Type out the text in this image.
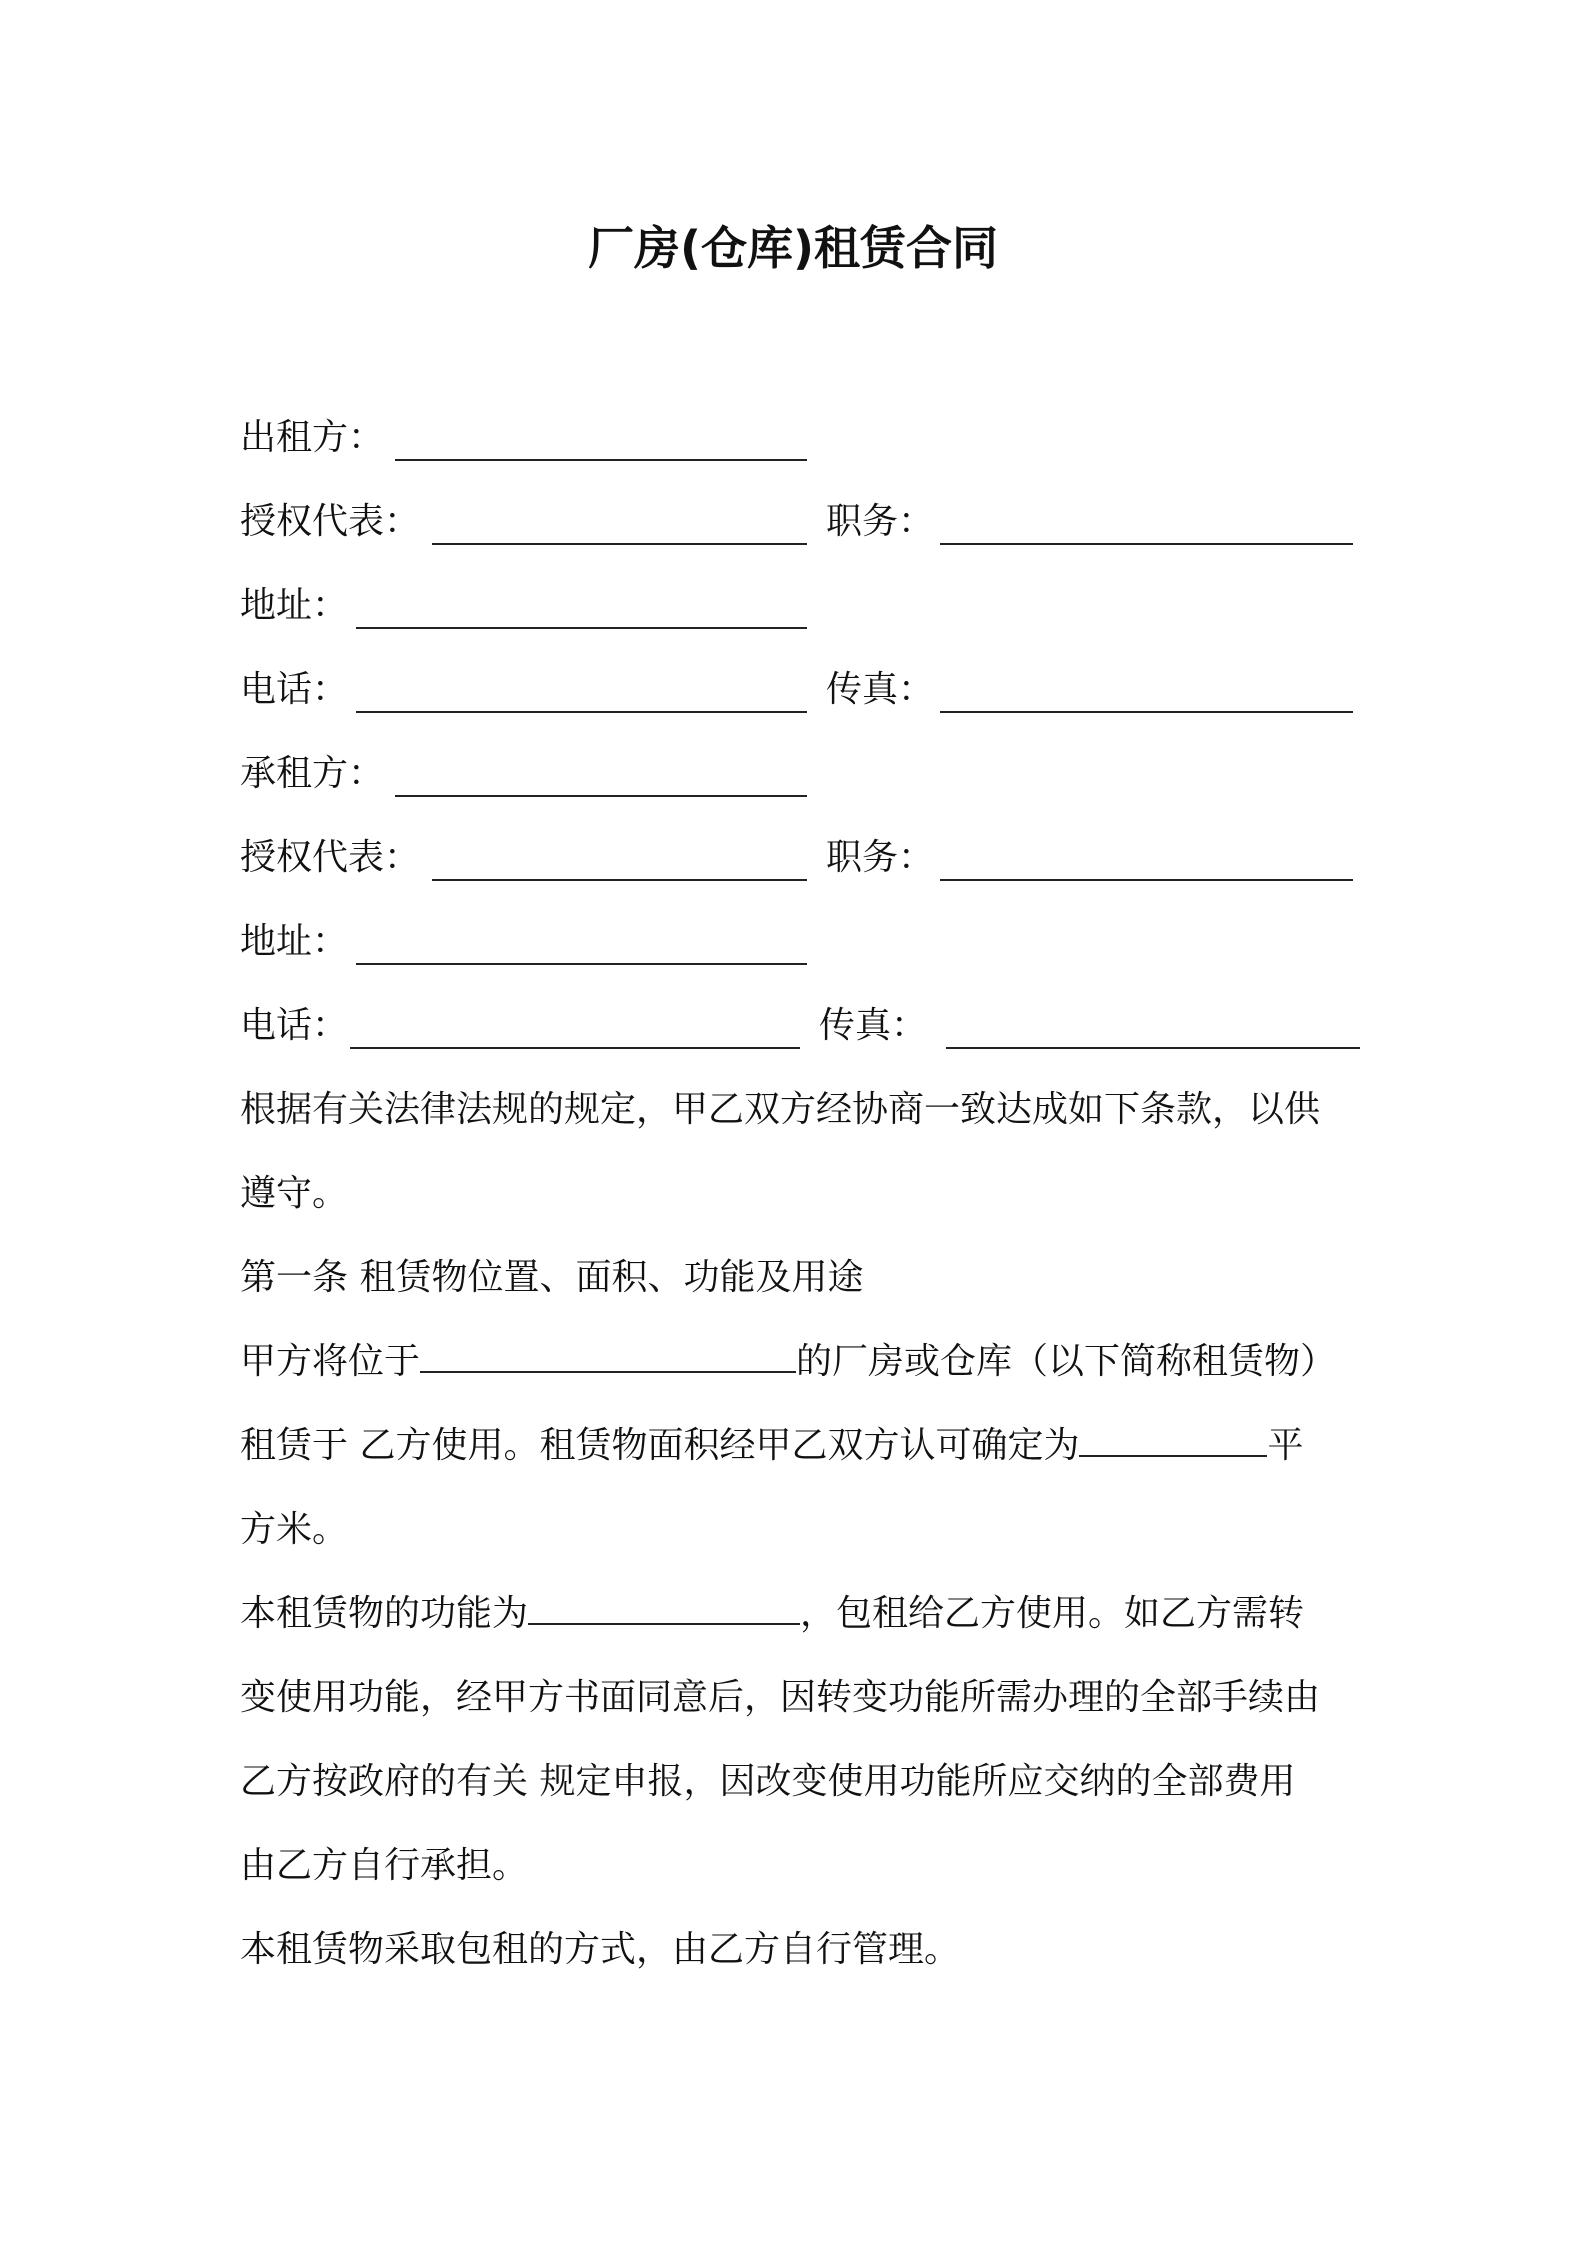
厂房(仓库)租赁合同
出租方：
授权代表：	职务：
地址：
电话：	传真：
承租方：
授权代表：	职务：
地址：
电话：	传真：
根据有关法律法规的规定，甲乙双方经协商一致达成如下条款，以供
遵守。
第一条 租赁物位置、面积、功能及用途
甲方将位于	的厂房或仓库（以下简称租赁物）
租赁于 乙方使用。租赁物面积经甲乙双方认可确定为	平
方米。
本租赁物的功能为	，包租给乙方使用。如乙方需转
变使用功能，经甲方书面同意后，因转变功能所需办理的全部手续由
乙方按政府的有关 规定申报，因改变使用功能所应交纳的全部费用
由乙方自行承担。
本租赁物采取包租的方式，由乙方自行管理。
